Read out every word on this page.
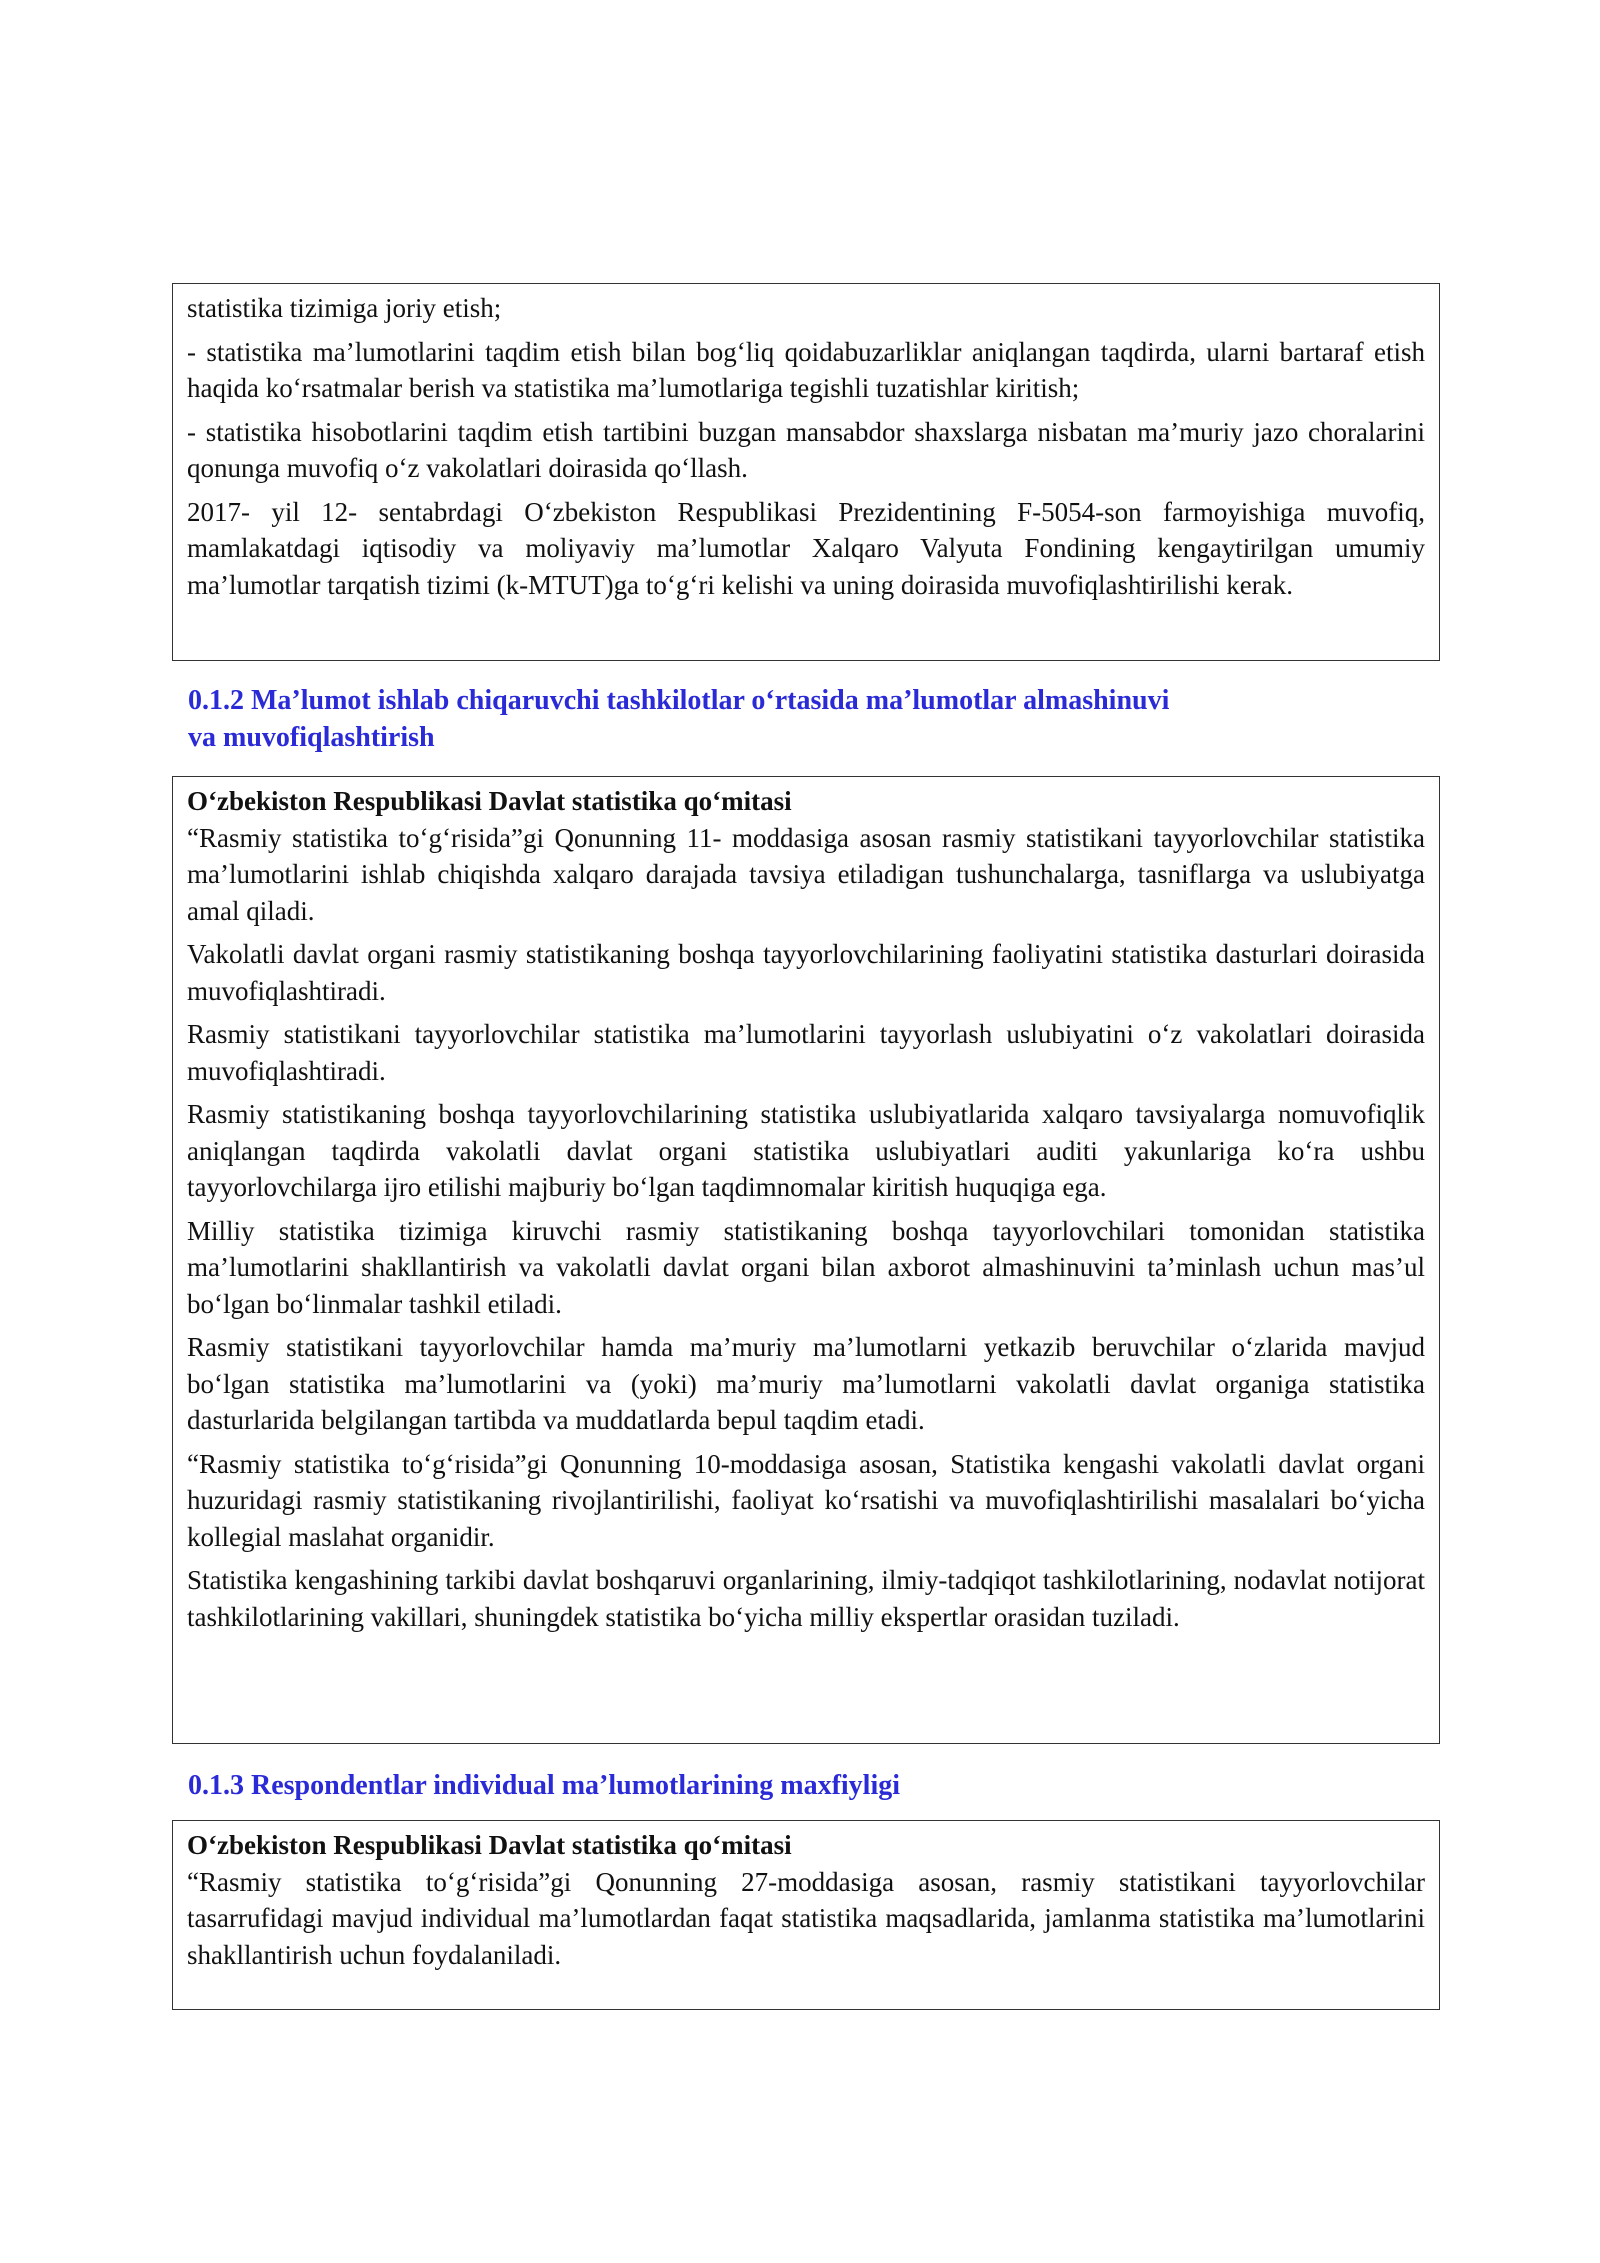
statistika tizimiga joriy etish;

- statistika ma’lumotlarini taqdim etish bilan bog‘liq qoidabuzarliklar aniqlangan taqdirda, ularni bartaraf etish haqida ko‘rsatmalar berish va statistika ma’lumotlariga tegishli tuzatishlar kiritish;

- statistika hisobotlarini taqdim etish tartibini buzgan mansabdor shaxslarga nisbatan ma’muriy jazo choralarini qonunga muvofiq o‘z vakolatlari doirasida qo‘llash.

2017- yil 12- sentabrdagi O‘zbekiston Respublikasi Prezidentining F-5054-son farmoyishiga muvofiq, mamlakatdagi iqtisodiy va moliyaviy ma’lumotlar Xalqaro Valyuta Fondining kengaytirilgan umumiy ma’lumotlar tarqatish tizimi (k-MTUT)ga to‘g‘ri kelishi va uning doirasida muvofiqlashtirilishi kerak.

0.1.2 Ma’lumot ishlab chiqaruvchi tashkilotlar o‘rtasida ma’lumotlar almashinuvi
va muvofiqlashtirish

O‘zbekiston Respublikasi Davlat statistika qo‘mitasi

“Rasmiy statistika to‘g‘risida”gi Qonunning 11- moddasiga asosan rasmiy statistikani tayyorlovchilar statistika ma’lumotlarini ishlab chiqishda xalqaro darajada tavsiya etiladigan tushunchalarga, tasniflarga va uslubiyatga amal qiladi.

Vakolatli davlat organi rasmiy statistikaning boshqa tayyorlovchilarining faoliyatini statistika dasturlari doirasida muvofiqlashtiradi.

Rasmiy statistikani tayyorlovchilar statistika ma’lumotlarini tayyorlash uslubiyatini o‘z vakolatlari doirasida muvofiqlashtiradi.

Rasmiy statistikaning boshqa tayyorlovchilarining statistika uslubiyatlarida xalqaro tavsiyalarga nomuvofiqlik aniqlangan taqdirda vakolatli davlat organi statistika uslubiyatlari auditi yakunlariga ko‘ra ushbu tayyorlovchilarga ijro etilishi majburiy bo‘lgan taqdimnomalar kiritish huquqiga ega.

Milliy statistika tizimiga kiruvchi rasmiy statistikaning boshqa tayyorlovchilari tomonidan statistika ma’lumotlarini shakllantirish va vakolatli davlat organi bilan axborot almashinuvini ta’minlash uchun mas’ul bo‘lgan bo‘linmalar tashkil etiladi.

Rasmiy statistikani tayyorlovchilar hamda ma’muriy ma’lumotlarni yetkazib beruvchilar o‘zlarida mavjud bo‘lgan statistika ma’lumotlarini va (yoki) ma’muriy ma’lumotlarni vakolatli davlat organiga statistika dasturlarida belgilangan tartibda va muddatlarda bepul taqdim etadi.

“Rasmiy statistika to‘g‘risida”gi Qonunning 10-moddasiga asosan, Statistika kengashi vakolatli davlat organi huzuridagi rasmiy statistikaning rivojlantirilishi, faoliyat ko‘rsatishi va muvofiqlashtirilishi masalalari bo‘yicha kollegial maslahat organidir.

Statistika kengashining tarkibi davlat boshqaruvi organlarining, ilmiy-tadqiqot tashkilotlarining, nodavlat notijorat tashkilotlarining vakillari, shuningdek statistika bo‘yicha milliy ekspertlar orasidan tuziladi.

0.1.3 Respondentlar individual ma’lumotlarining maxfiyligi

O‘zbekiston Respublikasi Davlat statistika qo‘mitasi

“Rasmiy statistika to‘g‘risida”gi Qonunning 27-moddasiga asosan, rasmiy statistikani tayyorlovchilar tasarrufidagi mavjud individual ma’lumotlardan faqat statistika maqsadlarida, jamlanma statistika ma’lumotlarini shakllantirish uchun foydalaniladi.
